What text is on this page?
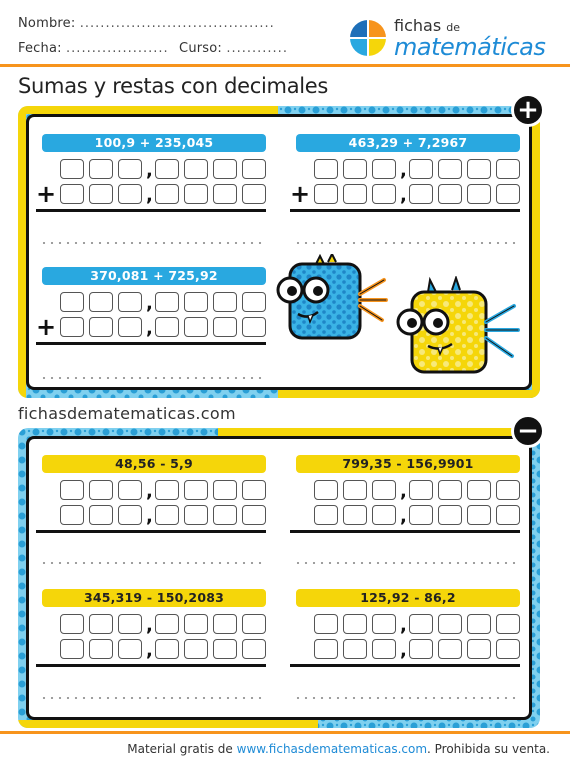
Nombre: ......................................
Fecha: .................... Curso: ............
fichas de
matemáticas
Sumas y restas con decimales
+
−
fichasdematematicas.com
100,9 + 235,045
,
+	,
463,29 + 7,2967
,
+	,
370,081 + 725,92
,
+	,
48,56 - 5,9
,
,
799,35 - 156,9901
,
,
345,319 - 150,2083
,
,
125,92 - 86,2
,
,
Material gratis de www.fichasdematematicas.com. Prohibida su venta.
